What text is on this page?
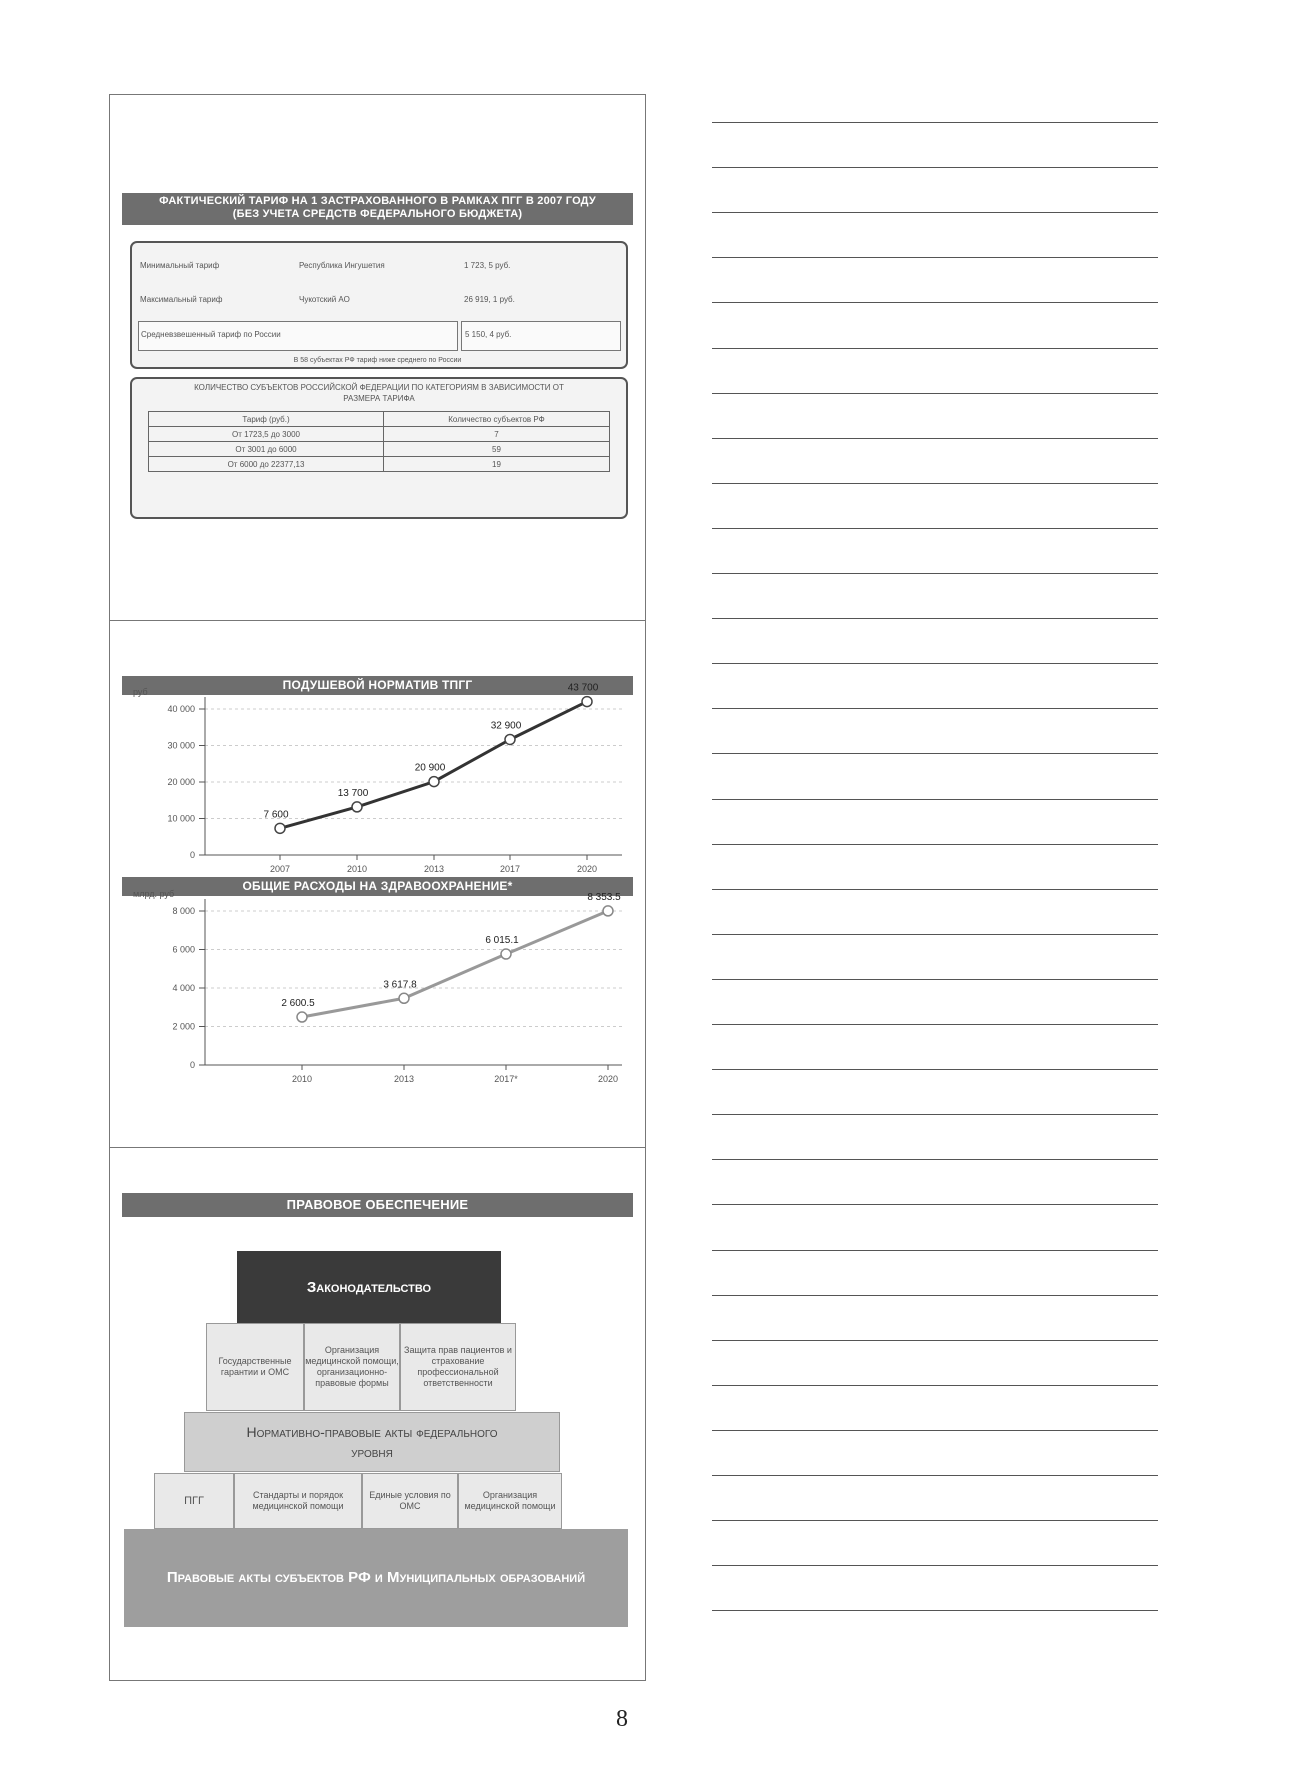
ФАКТИЧЕСКИЙ ТАРИФ НА 1 ЗАСТРАХОВАННОГО В РАМКАХ ПГГ В 2007 ГОДУ
(БЕЗ УЧЕТА СРЕДСТВ ФЕДЕРАЛЬНОГО БЮДЖЕТА)
Минимальный тариф	Республика Ингушетия	1 723, 5 руб.
Максимальный тариф	Чукотский АО	26 919, 1 руб.
Средневзвешенный тариф по России	5 150, 4 руб.
В 58 субъектах РФ тариф ниже среднего по России
КОЛИЧЕСТВО СУБЪЕКТОВ РОССИЙСКОЙ ФЕДЕРАЦИИ ПО КАТЕГОРИЯМ В ЗАВИСИМОСТИ ОТ
РАЗМЕРА ТАРИФА
Тариф (руб.)	Количество субъектов РФ
От 1723,5 до 3000	7
От 3001 до 6000	59
От 6000 до 22377,13	19
ПОДУШЕВОЙ НОРМАТИВ ТПГГ
руб
40 000
30 000
20 000
10 000
0
2007	2010	2013	2017	2020
7 600
13 700
20 900
32 900
43 700
ОБЩИЕ РАСХОДЫ НА ЗДРАВООХРАНЕНИЕ*
млрд. руб
8 000
6 000
4 000
2 000
0
2010	2013	2017*	2020
2 600.5
3 617.8
6 015.1
8 353.5
ПРАВОВОЕ ОБЕСПЕЧЕНИЕ
Законодательство
Государственные гарантии и ОМС
Организация медицинской помощи, организационно-правовые формы
Защита прав пациентов и страхование профессиональной ответственности
Нормативно-правовые акты федерального уровня
ПГГ	Стандарты и порядок медицинской помощи
Единые условия по ОМС
Организация медицинской помощи
Правовые акты субъектов РФ и Муниципальных образований
8
